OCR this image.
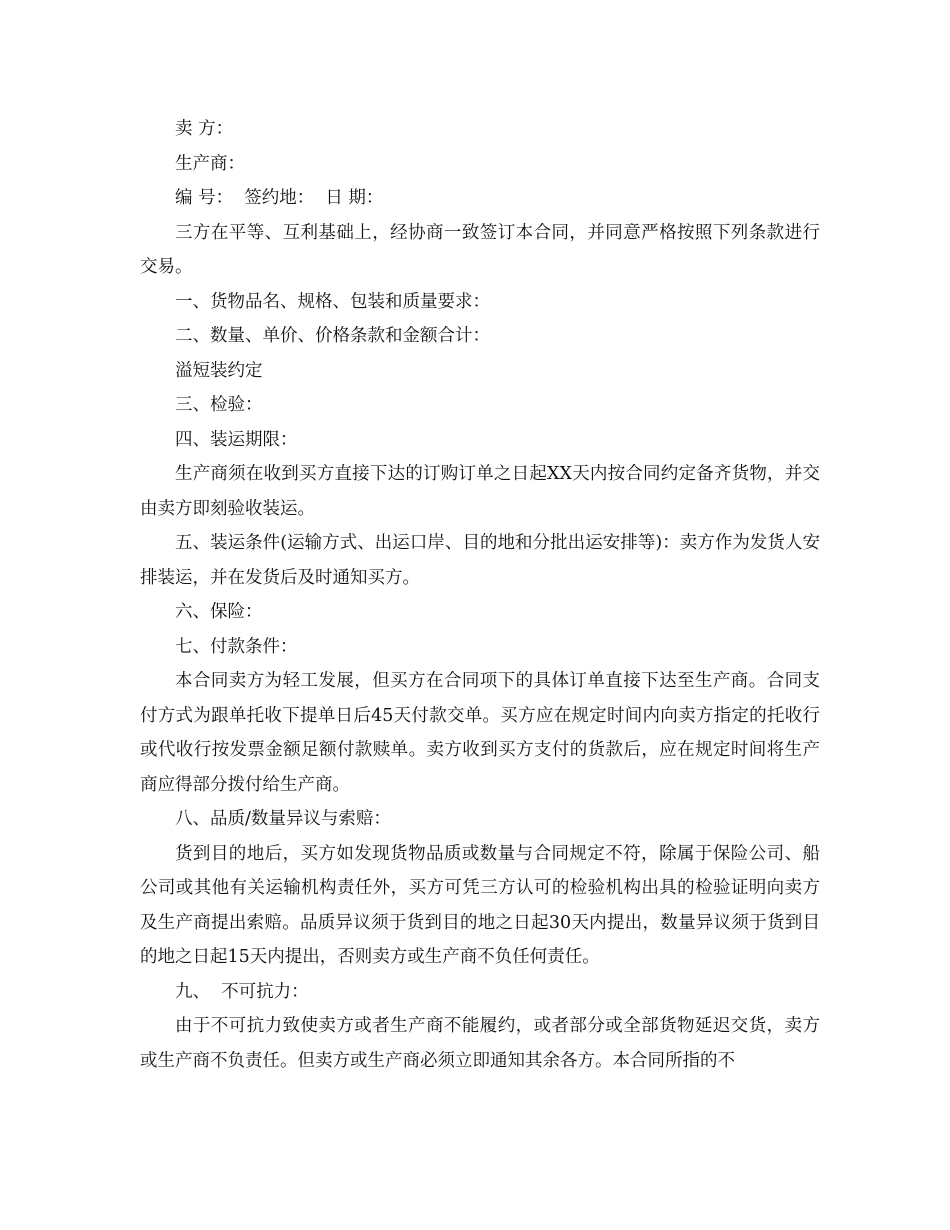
卖 方：

生产商：

编 号：  签约地：  日 期：

三方在平等、互利基础上，经协商一致签订本合同，并同意严格按照下列条款进行交易。

一、货物品名、规格、包装和质量要求：

二、数量、单价、价格条款和金额合计：

溢短装约定

三、检验：

四、装运期限：

生产商须在收到买方直接下达的订购订单之日起XX天内按合同约定备齐货物，并交由卖方即刻验收装运。

五、装运条件(运输方式、出运口岸、目的地和分批出运安排等)：卖方作为发货人安排装运，并在发货后及时通知买方。

六、保险：

七、付款条件：

本合同卖方为轻工发展，但买方在合同项下的具体订单直接下达至生产商。合同支付方式为跟单托收下提单日后45天付款交单。买方应在规定时间内向卖方指定的托收行或代收行按发票金额足额付款赎单。卖方收到买方支付的货款后，应在规定时间将生产商应得部分拨付给生产商。

八、品质/数量异议与索赔：

货到目的地后，买方如发现货物品质或数量与合同规定不符，除属于保险公司、船公司或其他有关运输机构责任外，买方可凭三方认可的检验机构出具的检验证明向卖方及生产商提出索赔。品质异议须于货到目的地之日起30天内提出，数量异议须于货到目的地之日起15天内提出，否则卖方或生产商不负任何责任。

九、  不可抗力：

由于不可抗力致使卖方或者生产商不能履约，或者部分或全部货物延迟交货，卖方或生产商不负责任。但卖方或生产商必须立即通知其余各方。本合同所指的不
